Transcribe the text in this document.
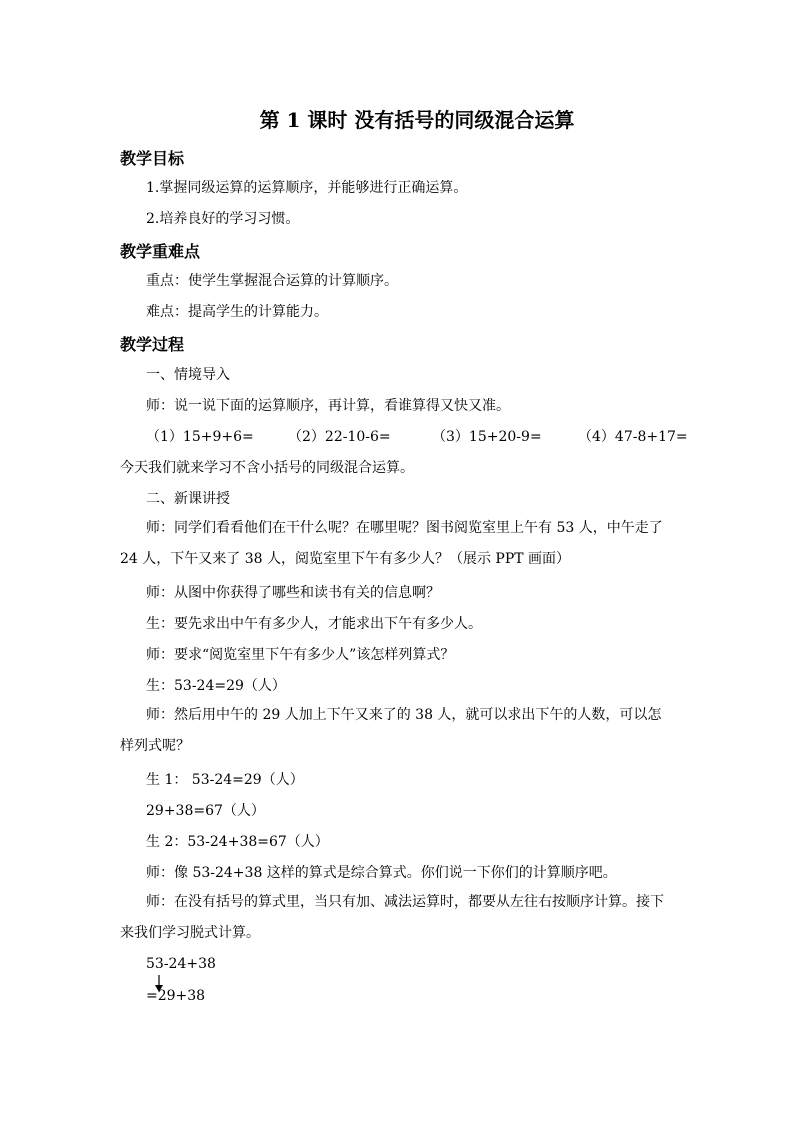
第 1 课时 没有括号的同级混合运算
教学目标
1.掌握同级运算的运算顺序，并能够进行正确运算。
2.培养良好的学习习惯。
教学重难点
重点：使学生掌握混合运算的计算顺序。
难点：提高学生的计算能力。
教学过程
一、情境导入
师：说一说下面的运算顺序，再计算，看谁算得又快又准。
（1）15+9+6= （2）22-10-6=	（3）15+20-9=	（4）47-8+17=
今天我们就来学习不含小括号的同级混合运算。
二、新课讲授
师：同学们看看他们在干什么呢？在哪里呢？图书阅览室里上午有 53 人，中午走了 24 人，下午又来了 38 人，阅览室里下午有多少人？（展示 PPT 画面）
师：从图中你获得了哪些和读书有关的信息啊？
生：要先求出中午有多少人，才能求出下午有多少人。
师：要求“阅览室里下午有多少人”该怎样列算式？
生：53-24=29（人）
师：然后用中午的 29 人加上下午又来了的 38 人，就可以求出下午的人数，可以怎样列式呢？
生 1： 53-24=29（人）
29+38=67（人）
生 2：53-24+38=67（人）
师：像 53-24+38 这样的算式是综合算式。你们说一下你们的计算顺序吧。
师：在没有括号的算式里，当只有加、减法运算时，都要从左往右按顺序计算。接下来我们学习脱式计算。
53-24+38
=29+38
